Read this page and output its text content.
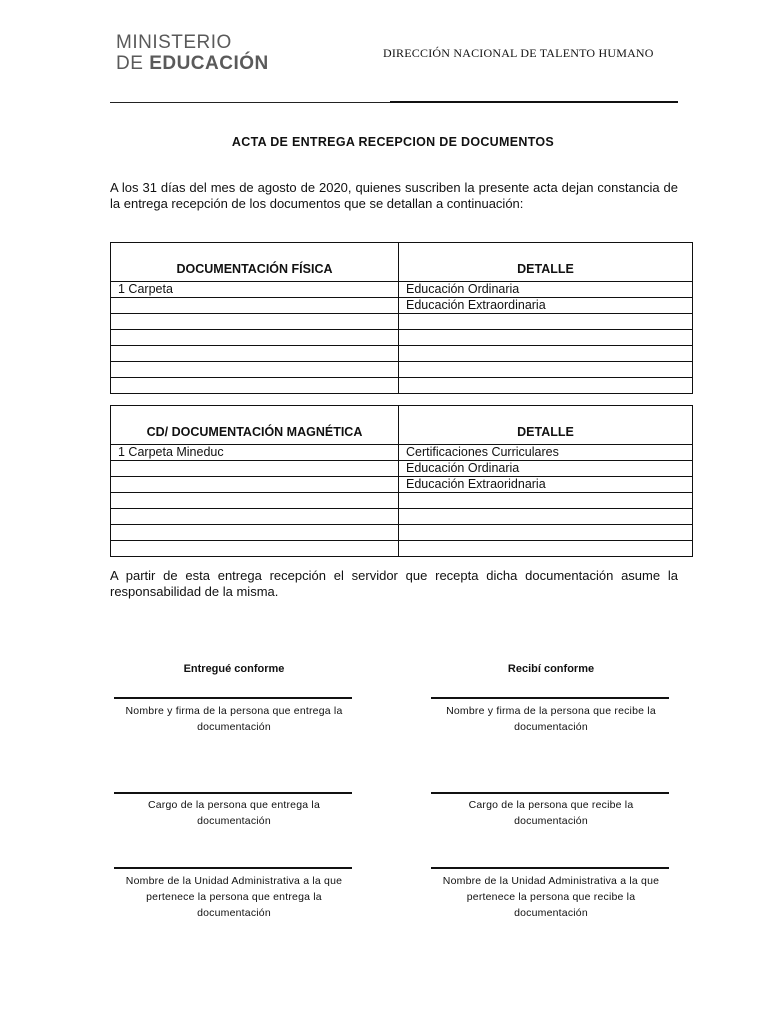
MINISTERIO
DE EDUCACIÓN	DIRECCIÓN NACIONAL DE TALENTO HUMANO
ACTA DE ENTREGA RECEPCION DE DOCUMENTOS
A los 31 días del mes de agosto de 2020, quienes suscriben la presente acta dejan constancia de la entrega recepción de los documentos que se detallan a continuación:
DOCUMENTACIÓN FÍSICA	DETALLE
1 Carpeta	Educación Ordinaria
	Educación Extraordinaria

CD/ DOCUMENTACIÓN MAGNÉTICA	DETALLE
1 Carpeta Mineduc	Certificaciones Curriculares
	Educación Ordinaria
	Educación Extraoridnaria

A partir de esta entrega recepción el servidor que recepta dicha documentación asume la responsabilidad de la misma.
Entregué conforme
Nombre y firma de la persona que entrega la documentación
Cargo de la persona que entrega la documentación
Nombre de la Unidad Administrativa a la que pertenece la persona que entrega la documentación
Recibí conforme
Nombre y firma de la persona que recibe la documentación
Cargo de la persona que recibe la documentación
Nombre de la Unidad Administrativa a la que pertenece la persona que recibe la documentación
